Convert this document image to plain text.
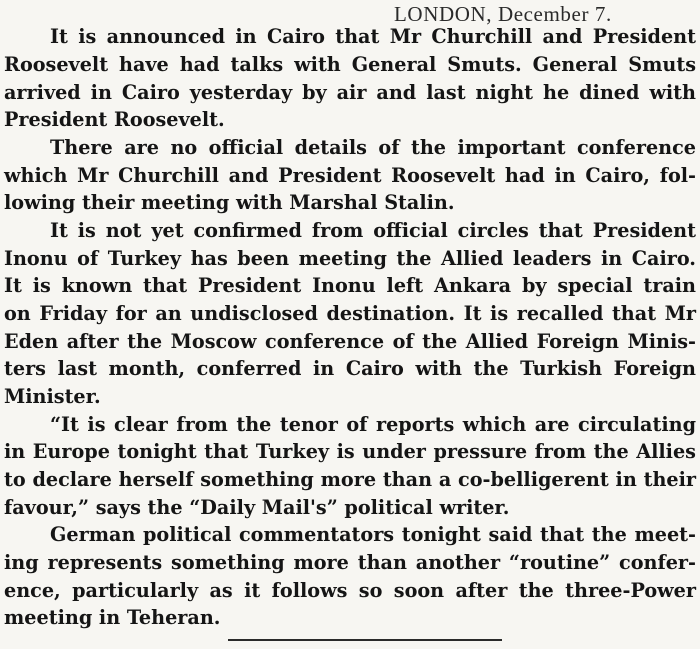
LONDON, December 7.
It is announced in Cairo that Mr Churchill and President
Roosevelt have had talks with General Smuts. General Smuts
arrived in Cairo yesterday by air and last night he dined with
President Roosevelt.
There are no official details of the important conference
which Mr Churchill and President Roosevelt had in Cairo, fol-
lowing their meeting with Marshal Stalin.
It is not yet confirmed from official circles that President
Inonu of Turkey has been meeting the Allied leaders in Cairo.
It is known that President Inonu left Ankara by special train
on Friday for an undisclosed destination. It is recalled that Mr
Eden after the Moscow conference of the Allied Foreign Minis-
ters last month, conferred in Cairo with the Turkish Foreign
Minister.
“It is clear from the tenor of reports which are circulating
in Europe tonight that Turkey is under pressure from the Allies
to declare herself something more than a co-belligerent in their
favour,” says the “Daily Mail's” political writer.
German political commentators tonight said that the meet-
ing represents something more than another “routine” confer-
ence, particularly as it follows so soon after the three-Power
meeting in Teheran.
